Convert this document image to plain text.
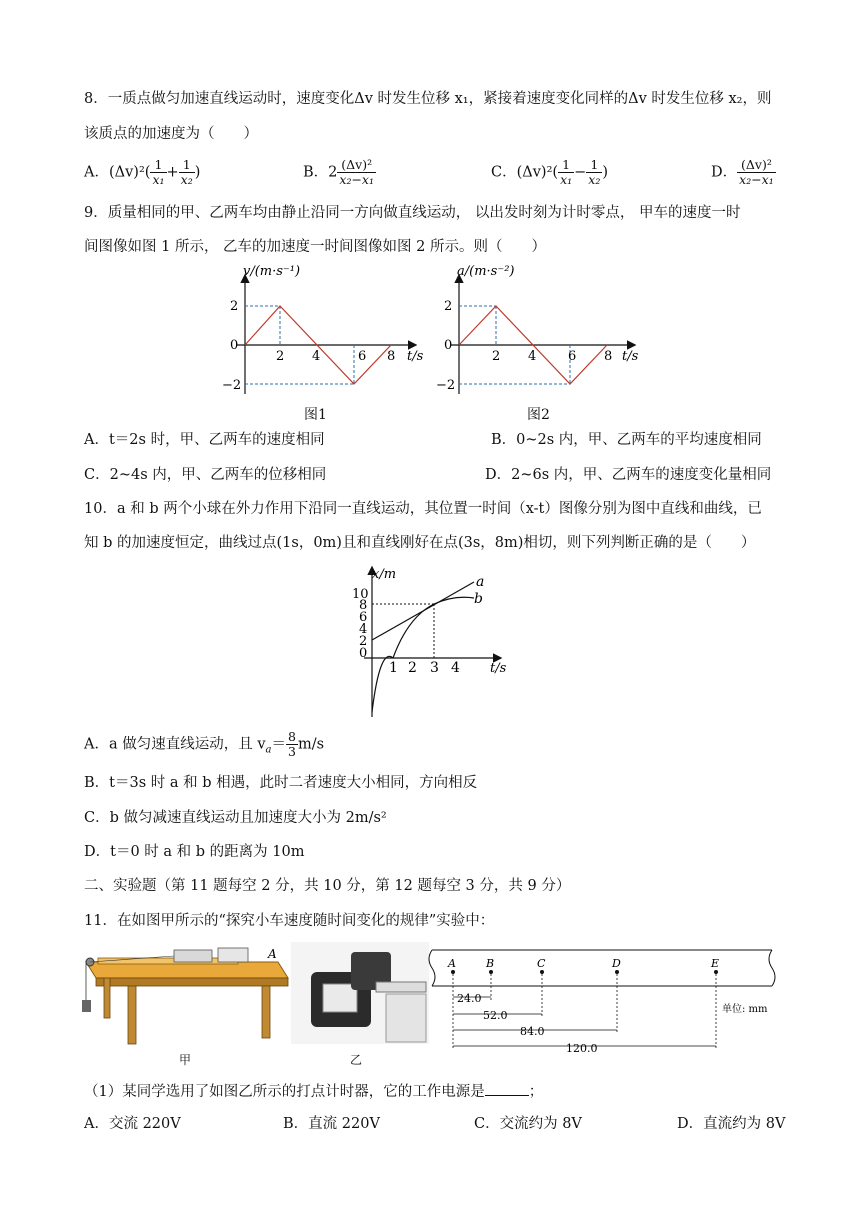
8．一质点做匀加速直线运动时，速度变化Δv 时发生位移 x₁，紧接着速度变化同样的Δv 时发生位移 x₂，则
该质点的加速度为（　　）
A．$(\Delta v)^2( \frac{1}{\text{x₁}} + \frac{1}{\text{x₂}}$ )	B．$2 \frac{\text{(Δv)²}}{\text{x₂−x₁}}$	C．$(\Delta v)^2( \frac{1}{\text{x₁}} - \frac{1}{\text{x₂}}$ )	D． $\frac{\text{(Δv)²}}{\text{x₂−x₁}}$
9．质量相同的甲、乙两车均由静止沿同一方向做直线运动， 以出发时刻为计时零点， 甲车的速度一时
间图像如图 1 所示， 乙车的加速度一时间图像如图 2 所示。则（　　）
v/(m·s⁻¹)
2
0
−2
2 4	6 8 t/s
图1
a/(m·s⁻²)
2
0
−2
2 4 6 8 t/s
图2
A．t＝2s 时，甲、乙两车的速度相同	B．0~2s 内，甲、乙两车的平均速度相同
C．2~4s 内，甲、乙两车的位移相同	D．2~6s 内，甲、乙两车的速度变化量相同
10．a 和 b 两个小球在外力作用下沿同一直线运动，其位置一时间（x-t）图像分别为图中直线和曲线，已
知 b 的加速度恒定，曲线过点(1s，0m)且和直线刚好在点(3s，8m)相切，则下列判断正确的是（　　）
x/m
10
8
6
4
2
0
1 2 3 4 t/s
a
b
A．a 做匀速直线运动，且 $v_a= \frac{8}{3} m/s$
B．t＝3s 时 a 和 b 相遇，此时二者速度大小相同，方向相反
C．b 做匀减速直线运动且加速度大小为 2m/s²
D．t＝0 时 a 和 b 的距离为 10m
二、实验题（第 11 题每空 2 分，共 10 分，第 12 题每空 3 分，共 9 分）
11．在如图甲所示的“探究小车速度随时间变化的规律”实验中：
A
甲	乙
A	B	C	D	E
24.0
52.0
84.0
120.0
单位: mm
（1）某同学选用了如图乙所示的打点计时器，它的工作电源是	；
A．交流 220V	B．直流 220V	C．交流约为 8V	D．直流约为 8V
